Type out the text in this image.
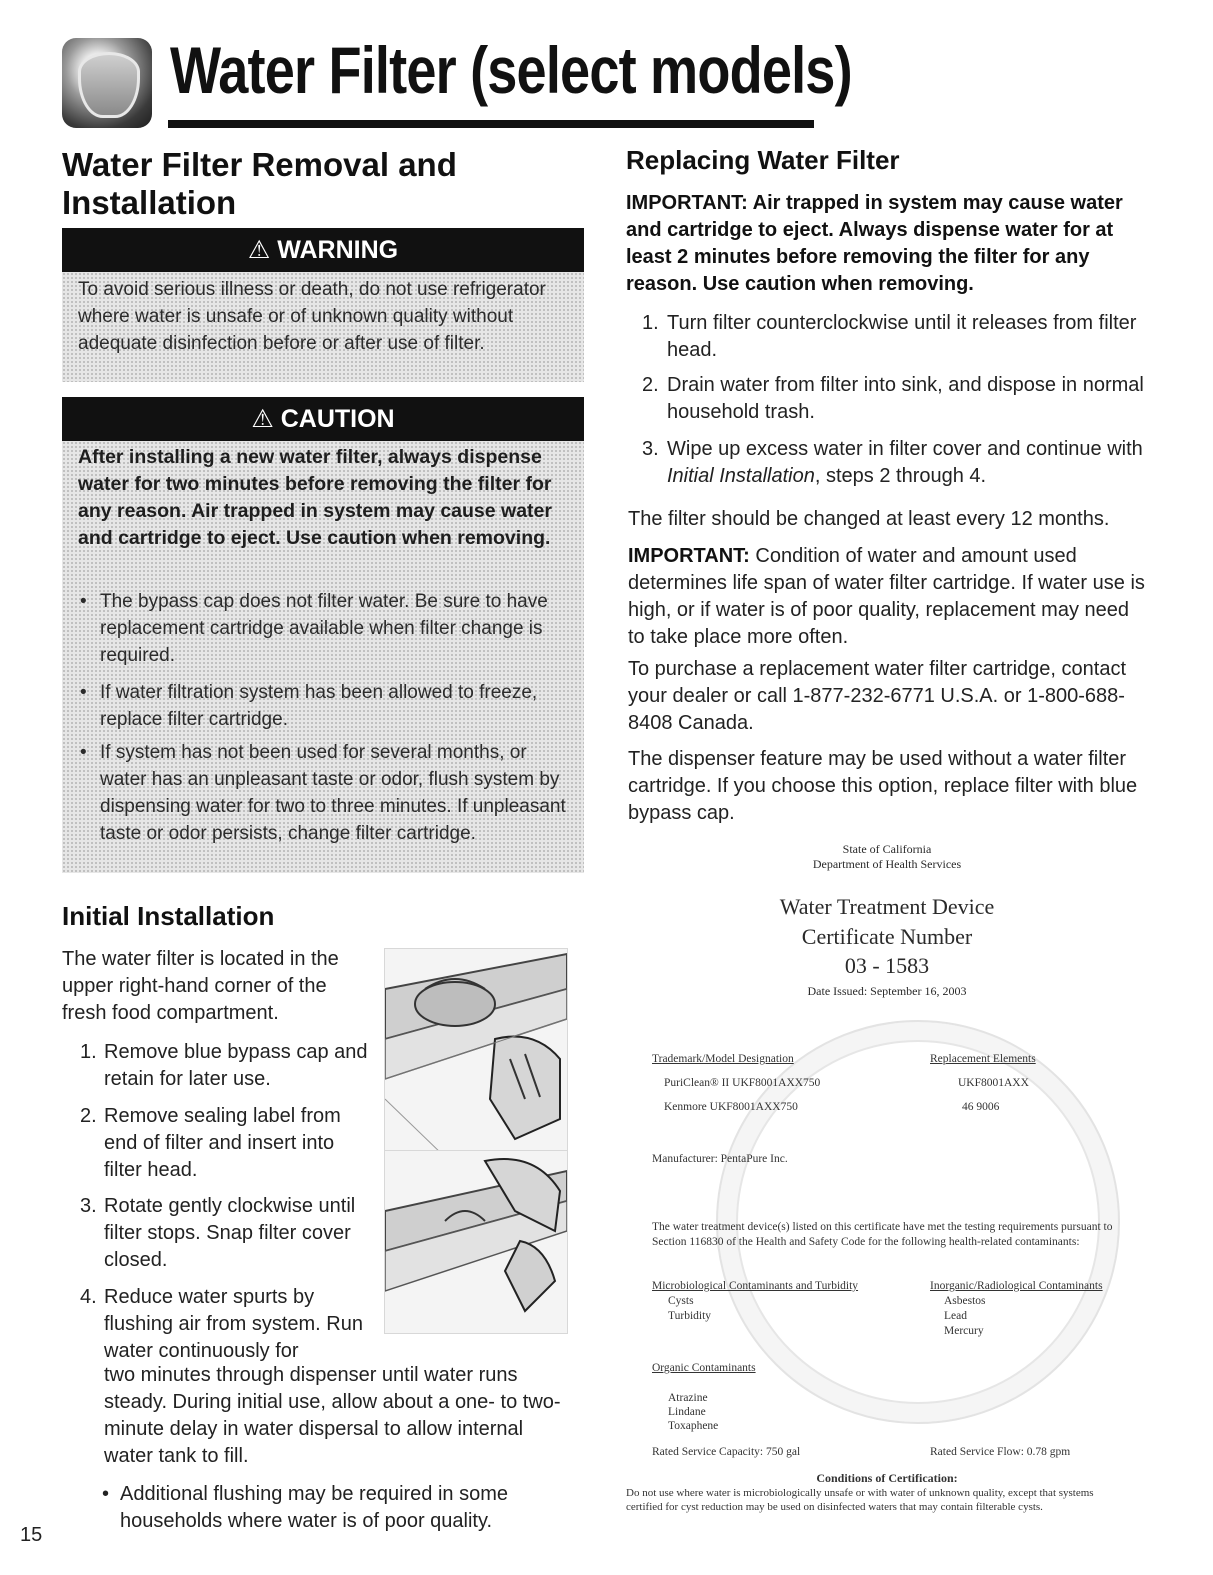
Water Filter (select models)
Water Filter Removal and Installation
⚠ WARNING
To avoid serious illness or death, do not use refrigerator where water is unsafe or of unknown quality without adequate disinfection before or after use of filter.
⚠ CAUTION
After installing a new water filter, always dispense water for two minutes before removing the filter for any reason. Air trapped in system may cause water and cartridge to eject. Use caution when removing.
• The bypass cap does not filter water. Be sure to have replacement cartridge available when filter change is required.
• If water filtration system has been allowed to freeze, replace filter cartridge.
• If system has not been used for several months, or water has an unpleasant taste or odor, flush system by dispensing water for two to three minutes. If unpleasant taste or odor persists, change filter cartridge.
Initial Installation
The water filter is located in the upper right-hand corner of the fresh food compartment.
1. Remove blue bypass cap and retain for later use.
2. Remove sealing label from end of filter and insert into filter head.
3. Rotate gently clockwise until filter stops. Snap filter cover closed.
4. Reduce water spurts by flushing air from system. Run water continuously for
two minutes through dispenser until water runs steady. During initial use, allow about a one- to two-minute delay in water dispersal to allow internal water tank to fill.
• Additional flushing may be required in some households where water is of poor quality.
15
Replacing Water Filter
IMPORTANT: Air trapped in system may cause water and cartridge to eject. Always dispense water for at least 2 minutes before removing the filter for any reason. Use caution when removing.
1. Turn filter counterclockwise until it releases from filter head.
2. Drain water from filter into sink, and dispose in normal household trash.
3. Wipe up excess water in filter cover and continue with Initial Installation, steps 2 through 4.
The filter should be changed at least every 12 months.
IMPORTANT: Condition of water and amount used determines life span of water filter cartridge. If water use is high, or if water is of poor quality, replacement may need to take place more often.
To purchase a replacement water filter cartridge, contact your dealer or call 1-877-232-6771 U.S.A. or 1-800-688-8408 Canada.
The dispenser feature may be used without a water filter cartridge. If you choose this option, replace filter with blue bypass cap.
State of California
Department of Health Services
Water Treatment Device
Certificate Number
03 - 1583
Date Issued: September 16, 2003
Trademark/Model Designation	Replacement Elements
PuriClean® II UKF8001AXX750	UKF8001AXX
Kenmore UKF8001AXX750	46 9006
Manufacturer: PentaPure Inc.
The water treatment device(s) listed on this certificate have met the testing requirements pursuant to Section 116830 of the Health and Safety Code for the following health-related contaminants:
Microbiological Contaminants and Turbidity
Cysts
Turbidity
Inorganic/Radiological Contaminants
Asbestos
Lead
Mercury
Organic Contaminants
Atrazine
Lindane
Toxaphene
Rated Service Capacity: 750 gal	Rated Service Flow: 0.78 gpm
Conditions of Certification:
Do not use where water is microbiologically unsafe or with water of unknown quality, except that systems certified for cyst reduction may be used on disinfected waters that may contain filterable cysts.
